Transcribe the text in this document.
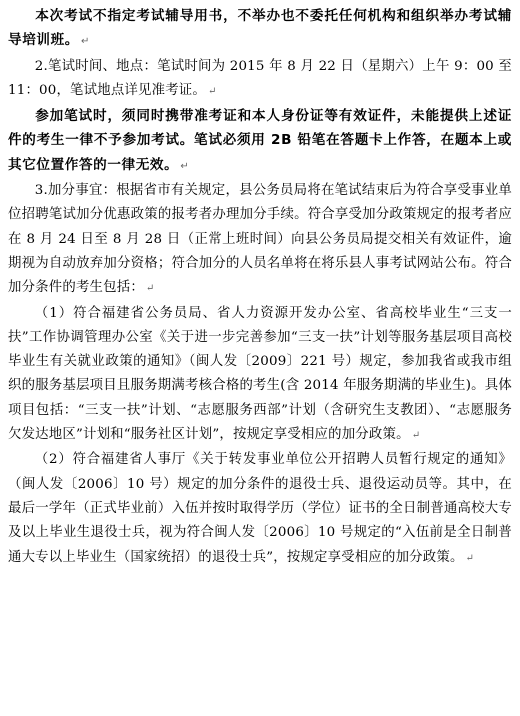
本次考试不指定考试辅导用书，不举办也不委托任何机构和组织举办考试辅导培训班。 ↵

2.笔试时间、地点：笔试时间为 2015 年 8 月 22 日（星期六）上午 9：00 至 11：00，笔试地点详见准考证。 ↵

参加笔试时，须同时携带准考证和本人身份证等有效证件，未能提供上述证件的考生一律不予参加考试。笔试必须用 2B 铅笔在答题卡上作答，在题本上或其它位置作答的一律无效。 ↵

3.加分事宜：根据省市有关规定，县公务员局将在笔试结束后为符合享受事业单位招聘笔试加分优惠政策的报考者办理加分手续。符合享受加分政策规定的报考者应在 8 月 24 日至 8 月 28 日（正常上班时间）向县公务员局提交相关有效证件，逾期视为自动放弃加分资格；符合加分的人员名单将在将乐县人事考试网站公布。符合加分条件的考生包括： ↵

（1）符合福建省公务员局、省人力资源开发办公室、省高校毕业生“三支一扶”工作协调管理办公室《关于进一步完善参加“三支一扶”计划等服务基层项目高校毕业生有关就业政策的通知》（闽人发〔2009〕221 号）规定，参加我省或我市组织的服务基层项目且服务期满考核合格的考生(含 2014 年服务期满的毕业生)。具体项目包括：“三支一扶”计划、“志愿服务西部”计划（含研究生支教团）、“志愿服务欠发达地区”计划和“服务社区计划”，按规定享受相应的加分政策。 ↵

（2）符合福建省人事厅《关于转发事业单位公开招聘人员暂行规定的通知》（闽人发〔2006〕10 号）规定的加分条件的退役士兵、退役运动员等。其中，在最后一学年（正式毕业前）入伍并按时取得学历（学位）证书的全日制普通高校大专及以上毕业生退役士兵，视为符合闽人发〔2006〕10 号规定的“入伍前是全日制普通大专以上毕业生（国家统招）的退役士兵”，按规定享受相应的加分政策。 ↵
